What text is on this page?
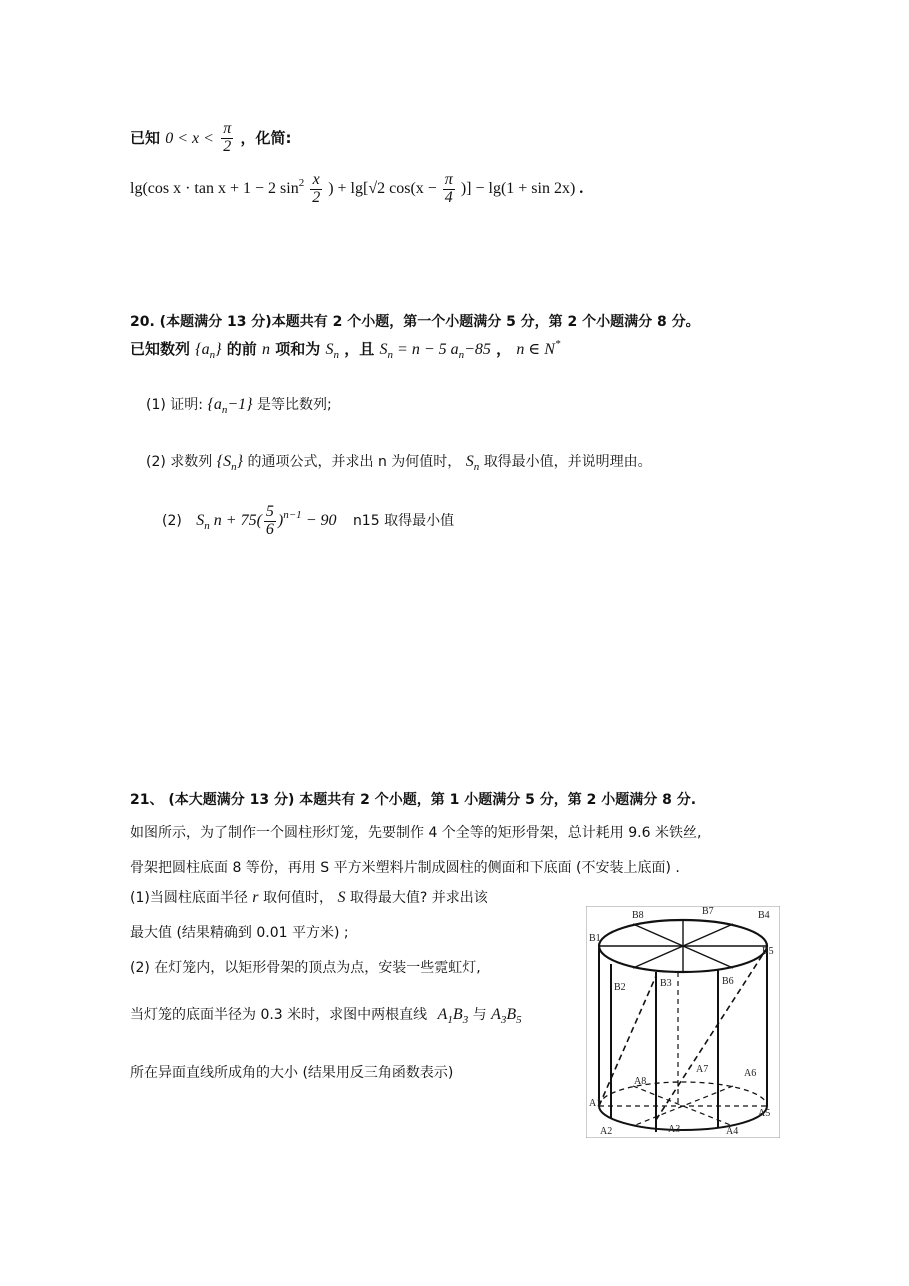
已知 $0 < x < \frac{\pi}{2}$ ，化简:
lg(cos x · tan x + 1 − 2 $\sin^2 \frac{x}{2}$ ) + lg[√2 $\cos(x - \frac{\pi}{4}$ )] − lg(1 + sin 2x) .
20. (本题满分 13 分)本题共有 2 个小题，第一个小题满分 5 分，第 2 个小题满分 8 分。
已知数列 $\{a_n\}$ 的前 n 项和为 $S_n$ ，且 $S_n = n - 5$ $a_n-85$ ， n ∈ N*
(1) 证明: $\{a_n-1\}$ 是等比数列;
(2) 求数列 $\{S_n\}$ 的通项公式，并求出 n 为何值时， $S_n$ 取得最小值，并说明理由。
(2) $S_n$ $n + 75( \frac{5}{6} )^{n-1} - 90$ n15 取得最小值
21、 (本大题满分 13 分) 本题共有 2 个小题，第 1 小题满分 5 分，第 2 小题满分 8 分.
如图所示，为了制作一个圆柱形灯笼，先要制作 4 个全等的矩形骨架，总计耗用 9.6 米铁丝,
骨架把圆柱底面 8 等份，再用 S 平方米塑料片制成圆柱的侧面和下底面 (不安装上底面) .
(1)当圆柱底面半径 r 取何值时， S 取得最大值? 并求出该
最大值 (结果精确到 0.01 平方米) ;
(2) 在灯笼内，以矩形骨架的顶点为点，安装一些霓虹灯,
当灯笼的底面半径为 0.3 米时，求图中两根直线 $A_1B_3$ 与 $A_3B_5$
所在异面直线所成角的大小 (结果用反三角函数表示)
B1
B2	B3	B6
B7
B8
B5
B4
A1
A2	A3	A4
A5
A6
A7
A8
